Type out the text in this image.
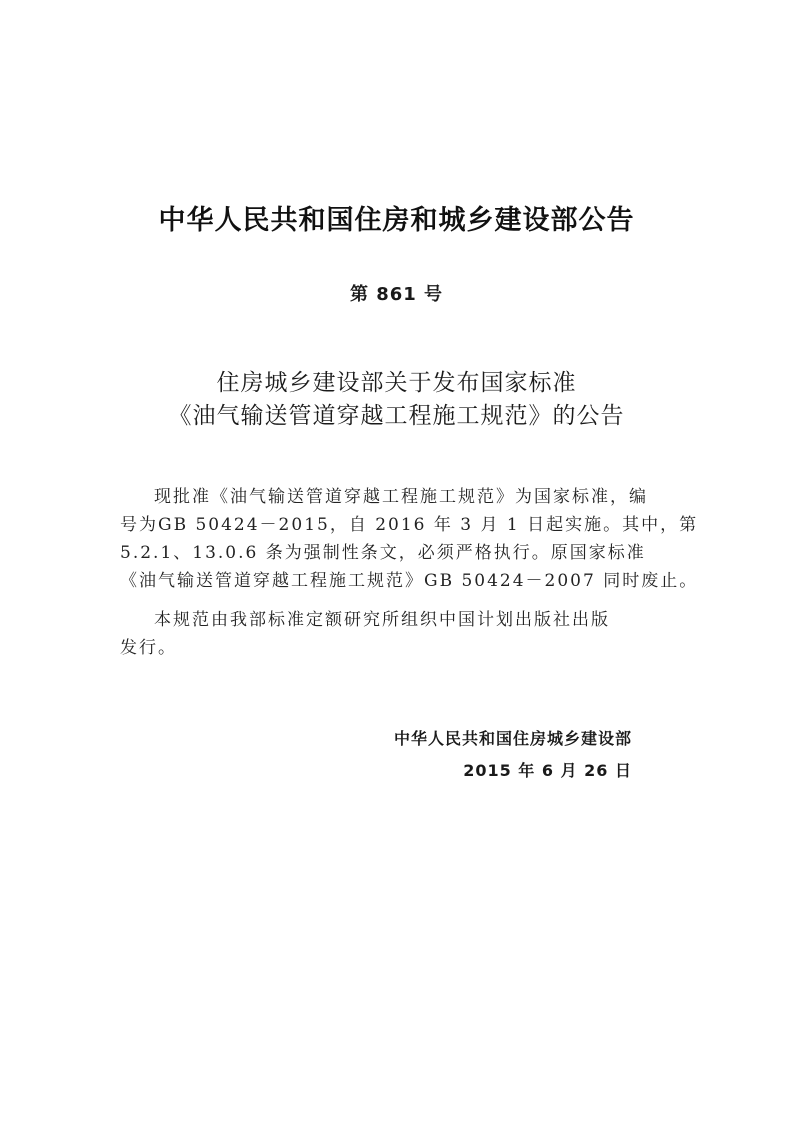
中华人民共和国住房和城乡建设部公告
第 861 号
住房城乡建设部关于发布国家标准
《油气输送管道穿越工程施工规范》的公告
现批准《油气输送管道穿越工程施工规范》为国家标准，编
号为GB 50424－2015，自 2016 年 3 月 1 日起实施。其中，第
5.2.1、13.0.6 条为强制性条文，必须严格执行。原国家标准
《油气输送管道穿越工程施工规范》GB 50424－2007 同时废止。
本规范由我部标准定额研究所组织中国计划出版社出版
发行。
中华人民共和国住房城乡建设部
2015 年 6 月 26 日
